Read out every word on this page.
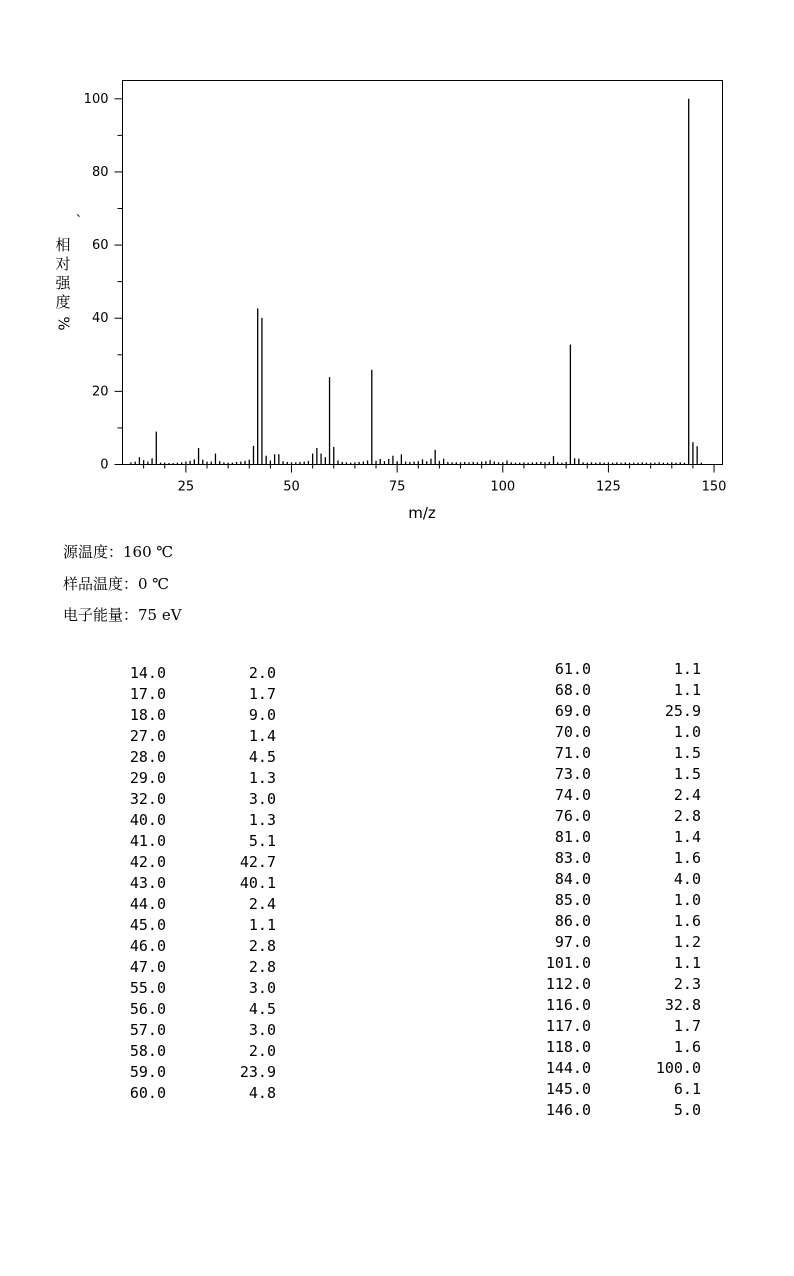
0
20
40
60
80
100
25	50	75	100	125	150
m/z
、
相
对
强
度
%
源温度：160 ℃
样品温度：0 ℃
电子能量：75 eV
14.0	2.0
17.0	1.7
18.0	9.0
27.0	1.4
28.0	4.5
29.0	1.3
32.0	3.0
40.0	1.3
41.0	5.1
42.0	42.7
43.0	40.1
44.0	2.4
45.0	1.1
46.0	2.8
47.0	2.8
55.0	3.0
56.0	4.5
57.0	3.0
58.0	2.0
59.0	23.9
60.0	4.8
61.0	1.1
68.0	1.1
69.0	25.9
70.0	1.0
71.0	1.5
73.0	1.5
74.0	2.4
76.0	2.8
81.0	1.4
83.0	1.6
84.0	4.0
85.0	1.0
86.0	1.6
97.0	1.2
101.0	1.1
112.0	2.3
116.0	32.8
117.0	1.7
118.0	1.6
144.0	100.0
145.0	6.1
146.0	5.0
